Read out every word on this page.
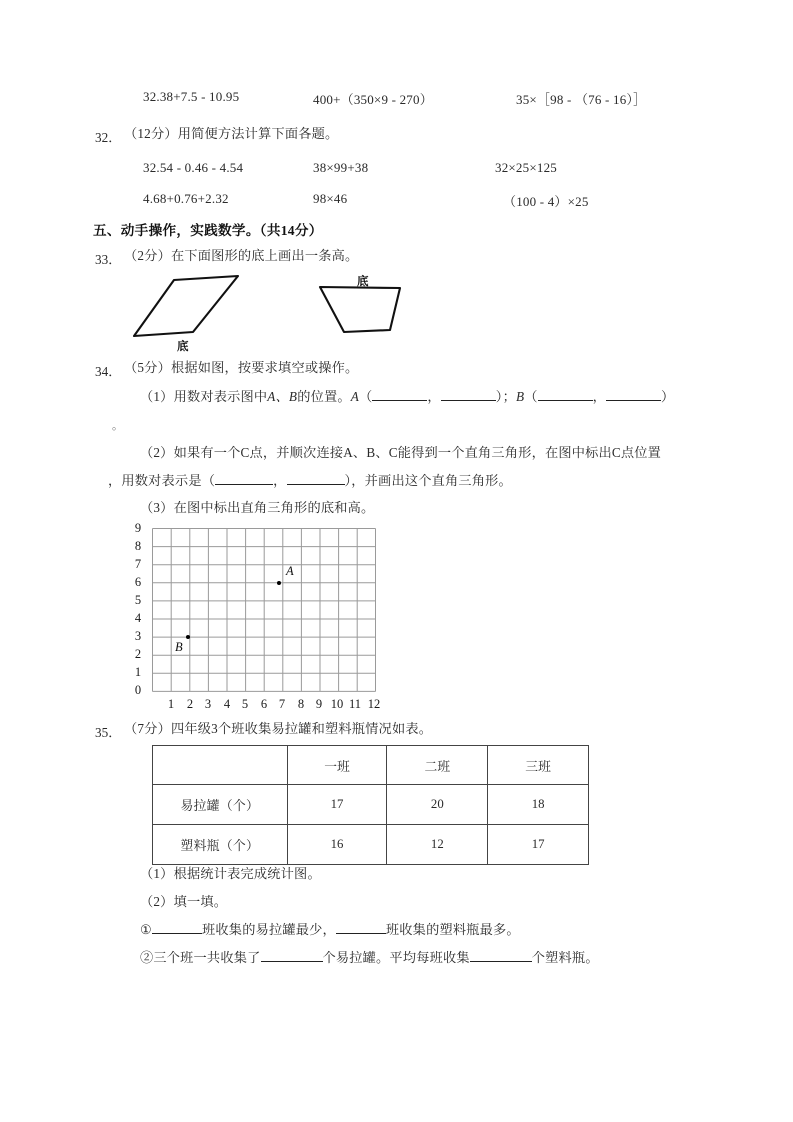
32.38+7.5 - 10.95	400+（350×9 - 270）	35×［98 - （76 - 16）］
32． （12分）用简便方法计算下面各题。
32.54 - 0.46 - 4.54	38×99+38	32×25×125
4.68+0.76+2.32	98×46	（100 - 4）×25
五、动手操作，实践数学。（共14分）
33． （2分）在下面图形的底上画出一条高。
底
底
34． （5分）根据如图，按要求填空或操作。
（1）用数对表示图中A、B的位置。A（	，	）；B（	，	）
。
（2）如果有一个C点，并顺次连接A、B、C能得到一个直角三角形，在图中标出C点位置
，用数对表示是（	，	），并画出这个直角三角形。
（3）在图中标出直角三角形的底和高。
9
8
7
6
5
4
3
2
1
0
1	2 3	4 5	6 7	8 9 10 11 12
A
B
35． （7分）四年级3个班收集易拉罐和塑料瓶情况如表。
	一班	二班	三班
易拉罐（个）	17	20	18
塑料瓶（个）	16	12	17
（1）根据统计表完成统计图。
（2）填一填。
①	班收集的易拉罐最少，	班收集的塑料瓶最多。
②三个班一共收集了	个易拉罐。平均每班收集	个塑料瓶。
